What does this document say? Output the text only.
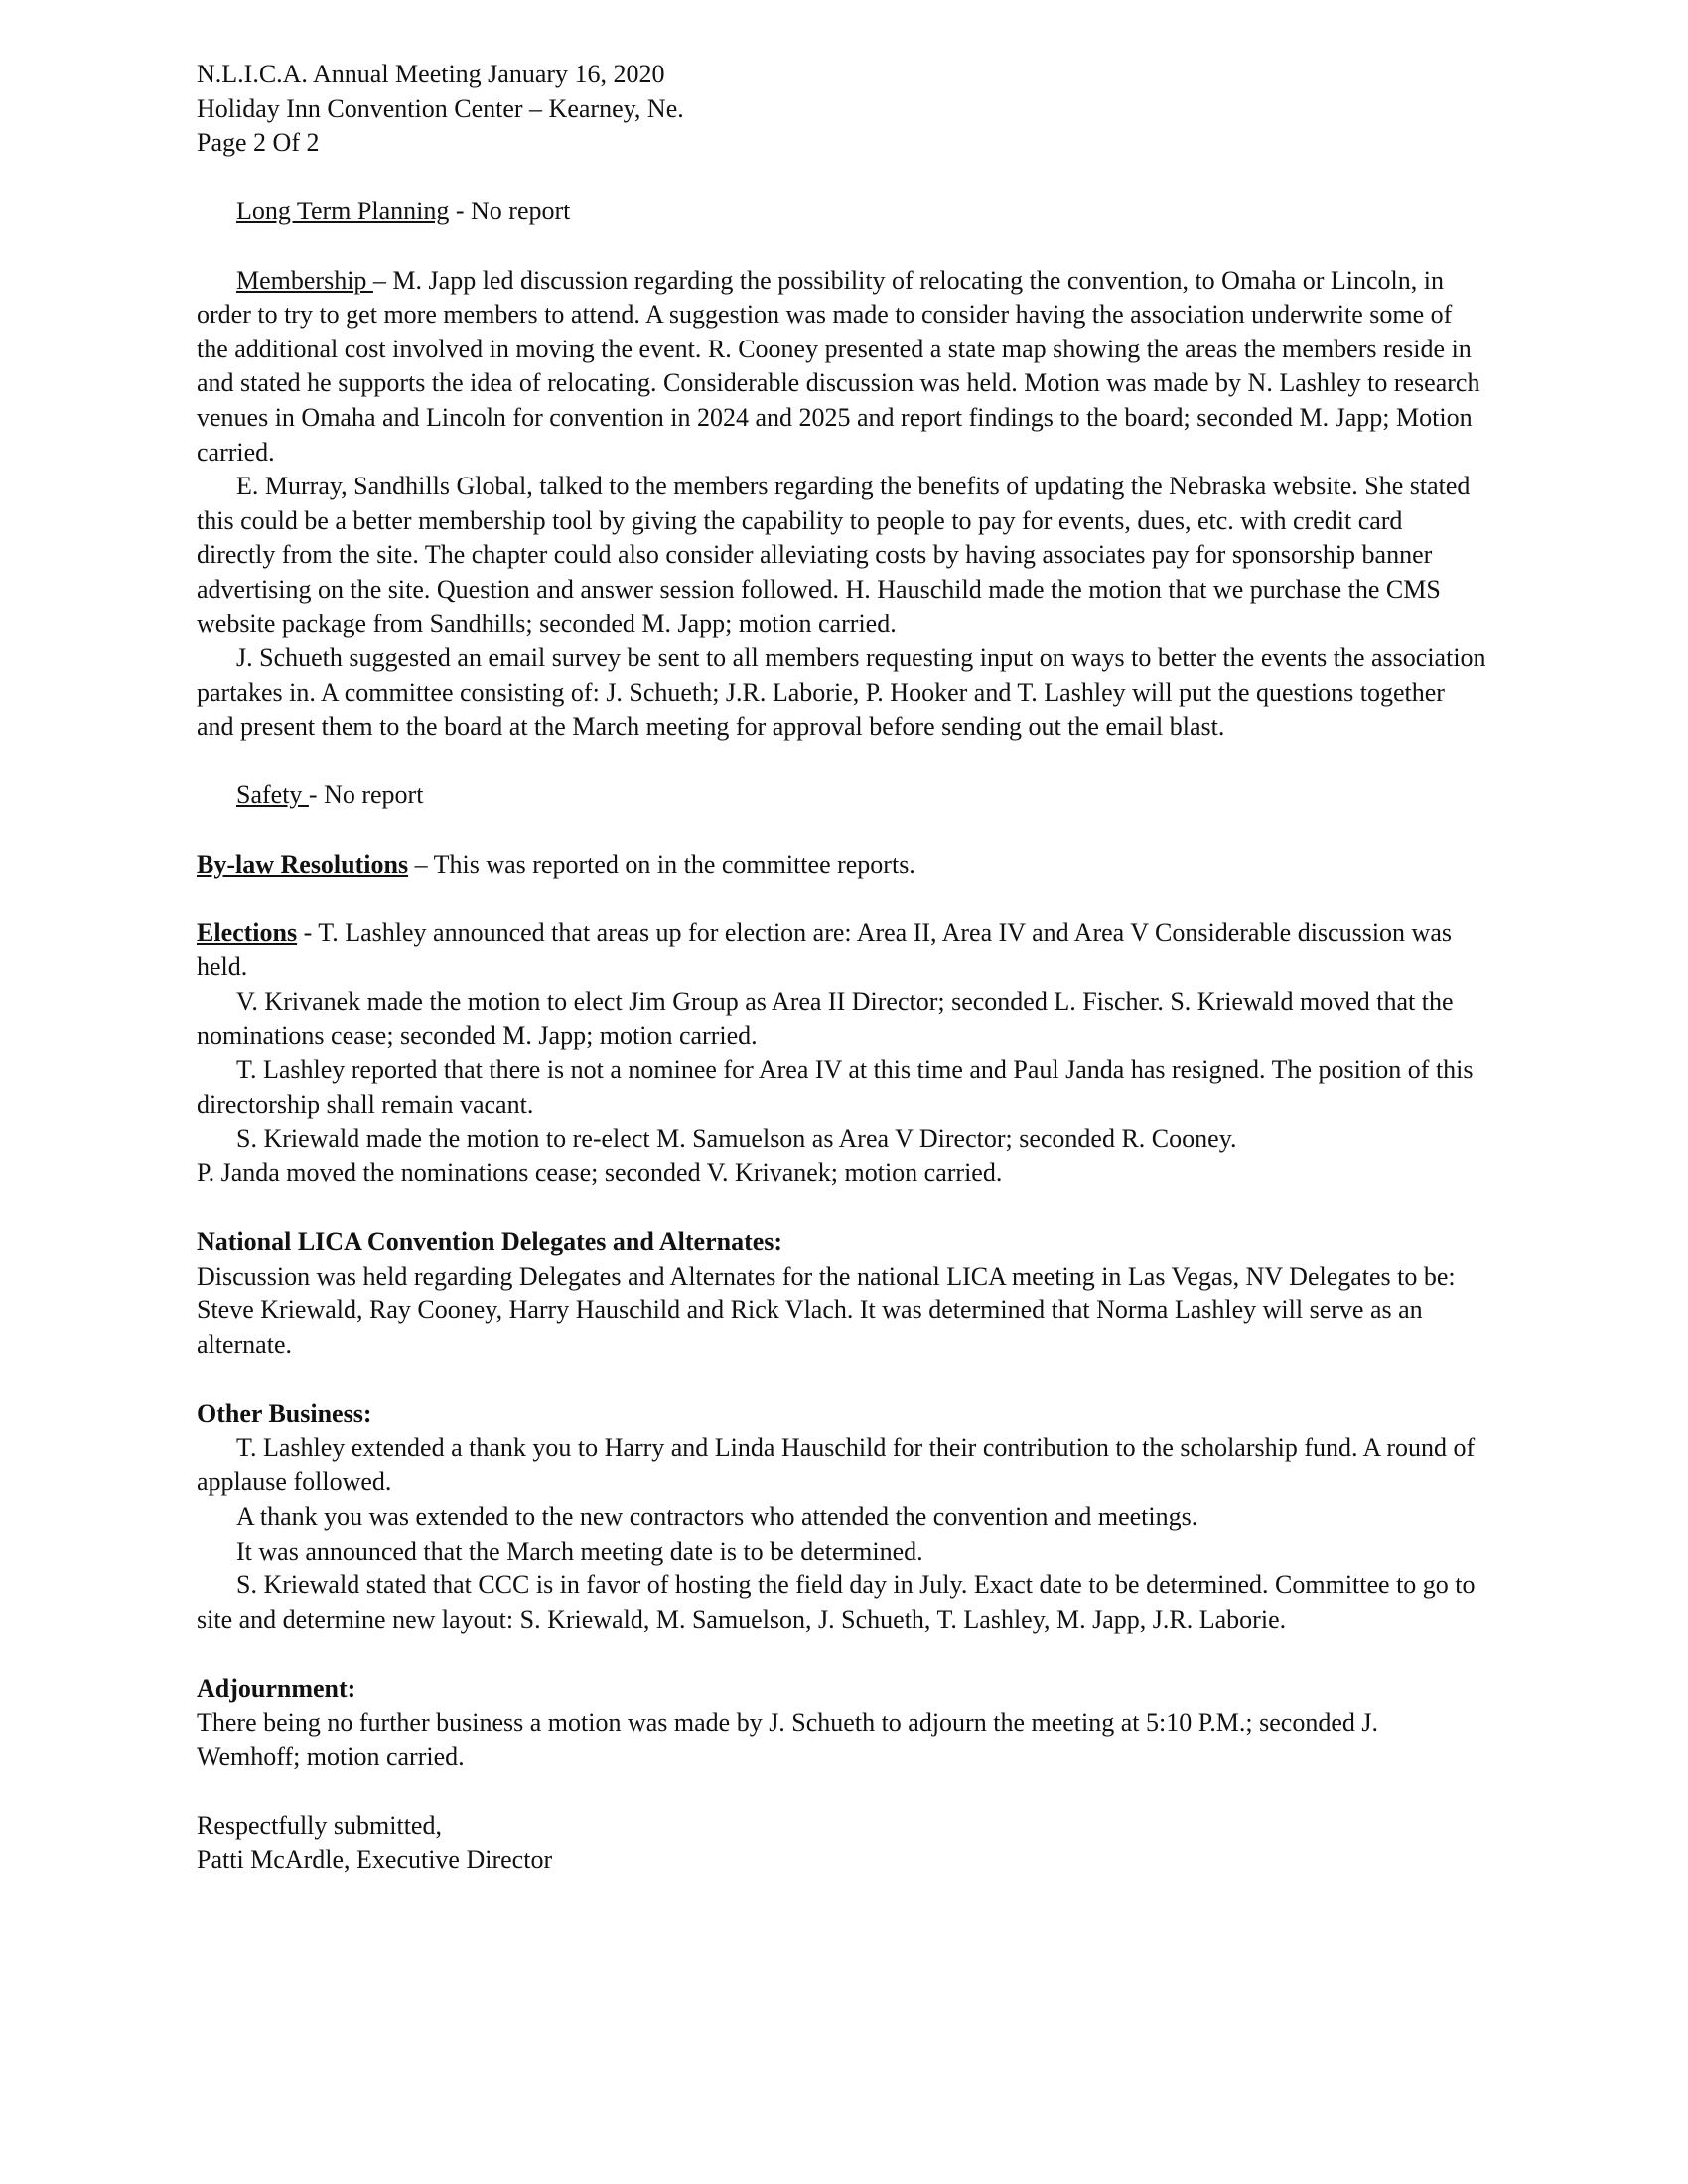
N.L.I.C.A. Annual Meeting January 16, 2020
Holiday Inn Convention Center – Kearney, Ne.
Page 2 Of 2

Long Term Planning - No report

Membership – M. Japp led discussion regarding the possibility of relocating the convention, to Omaha or Lincoln, in order to try to get more members to attend. A suggestion was made to consider having the association underwrite some of the additional cost involved in moving the event. R. Cooney presented a state map showing the areas the members reside in and stated he supports the idea of relocating. Considerable discussion was held. Motion was made by N. Lashley to research venues in Omaha and Lincoln for convention in 2024 and 2025 and report findings to the board; seconded M. Japp; Motion carried.

E. Murray, Sandhills Global, talked to the members regarding the benefits of updating the Nebraska website. She stated this could be a better membership tool by giving the capability to people to pay for events, dues, etc. with credit card directly from the site. The chapter could also consider alleviating costs by having associates pay for sponsorship banner advertising on the site. Question and answer session followed. H. Hauschild made the motion that we purchase the CMS website package from Sandhills; seconded M. Japp; motion carried.

J. Schueth suggested an email survey be sent to all members requesting input on ways to better the events the association partakes in. A committee consisting of: J. Schueth; J.R. Laborie, P. Hooker and T. Lashley will put the questions together and present them to the board at the March meeting for approval before sending out the email blast.

Safety - No report

By-law Resolutions – This was reported on in the committee reports.

Elections - T. Lashley announced that areas up for election are: Area II, Area IV and Area V Considerable discussion was held.

V. Krivanek made the motion to elect Jim Group as Area II Director; seconded L. Fischer. S. Kriewald moved that the nominations cease; seconded M. Japp; motion carried.

T. Lashley reported that there is not a nominee for Area IV at this time and Paul Janda has resigned. The position of this directorship shall remain vacant.

S. Kriewald made the motion to re-elect M. Samuelson as Area V Director; seconded R. Cooney.

P. Janda moved the nominations cease; seconded V. Krivanek; motion carried.

National LICA Convention Delegates and Alternates:

Discussion was held regarding Delegates and Alternates for the national LICA meeting in Las Vegas, NV Delegates to be: Steve Kriewald, Ray Cooney, Harry Hauschild and Rick Vlach. It was determined that Norma Lashley will serve as an alternate.

Other Business:

T. Lashley extended a thank you to Harry and Linda Hauschild for their contribution to the scholarship fund. A round of applause followed.

A thank you was extended to the new contractors who attended the convention and meetings.

It was announced that the March meeting date is to be determined.

S. Kriewald stated that CCC is in favor of hosting the field day in July. Exact date to be determined. Committee to go to site and determine new layout: S. Kriewald, M. Samuelson, J. Schueth, T. Lashley, M. Japp, J.R. Laborie.

Adjournment:

There being no further business a motion was made by J. Schueth to adjourn the meeting at 5:10 P.M.; seconded J. Wemhoff; motion carried.

Respectfully submitted,

Patti McArdle, Executive Director
